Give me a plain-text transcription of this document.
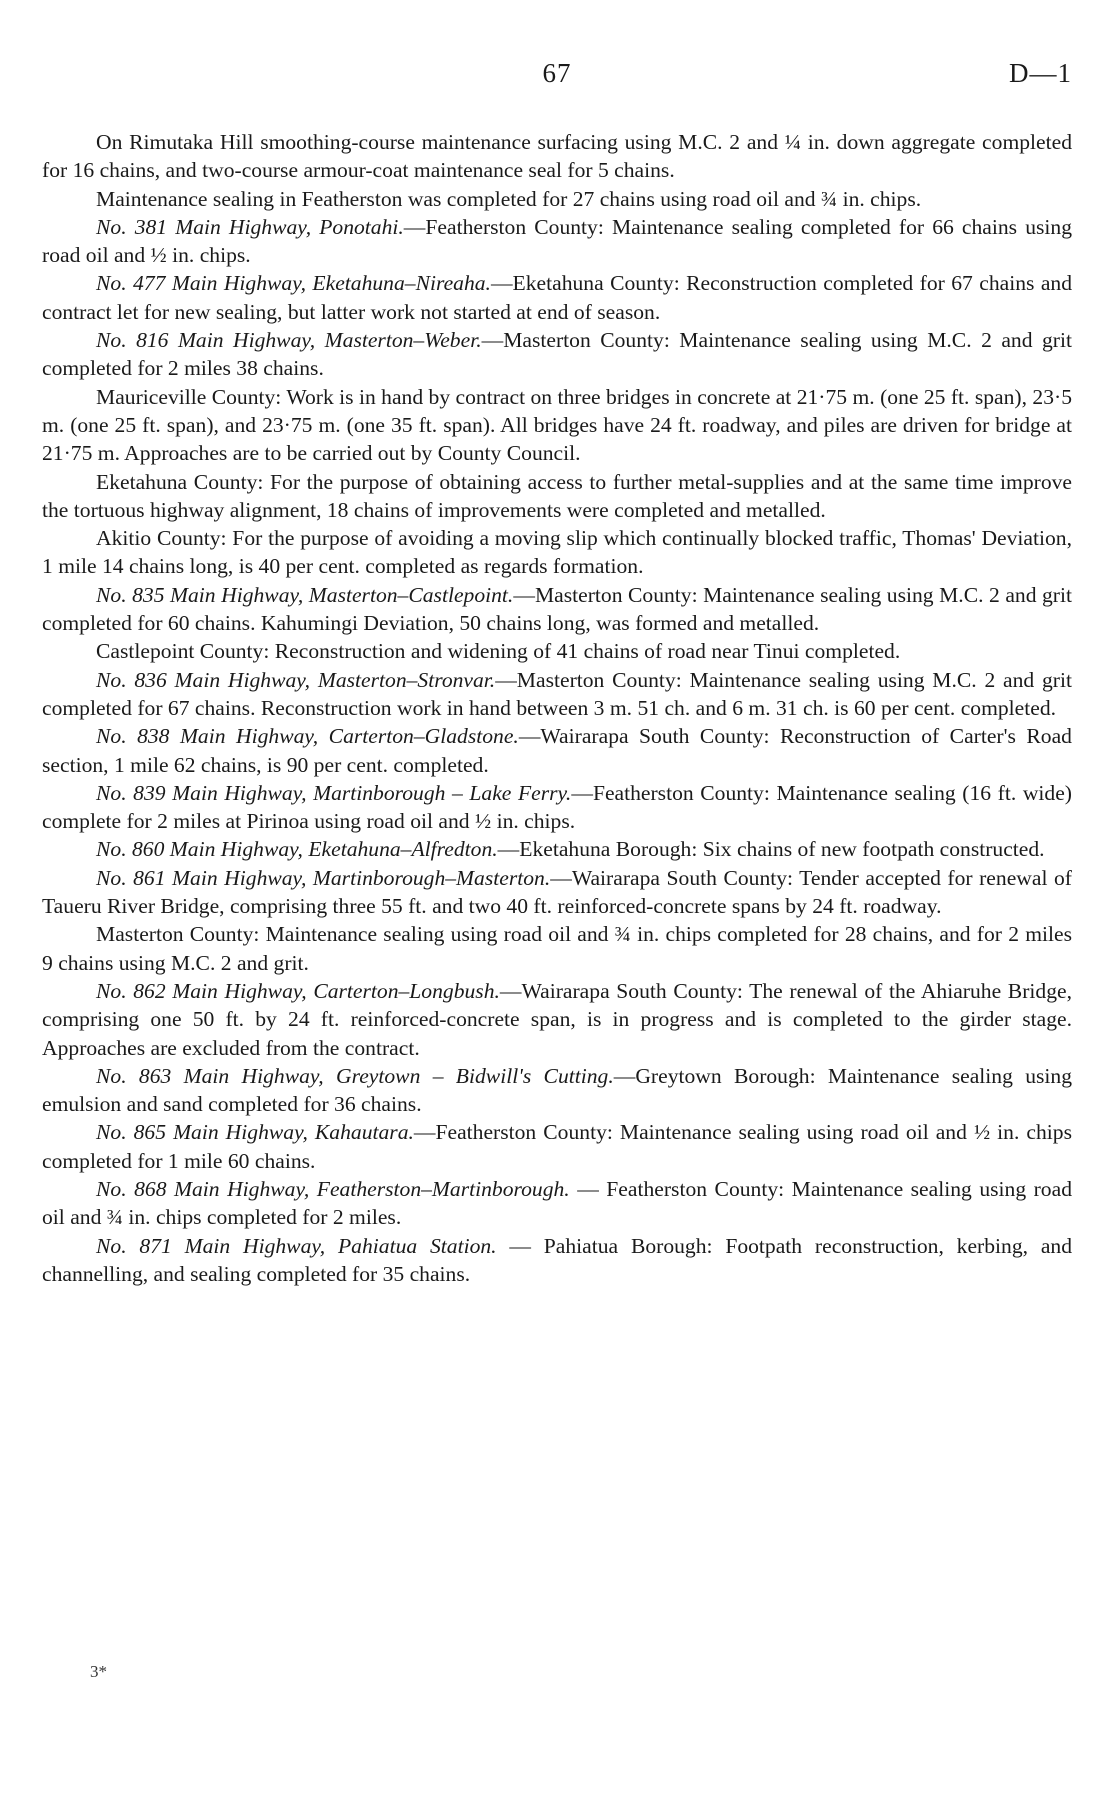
67	D—1

On Rimutaka Hill smoothing-course maintenance surfacing using M.C. 2 and ¼ in. down aggregate completed for 16 chains, and two-course armour-coat maintenance seal for 5 chains.

Maintenance sealing in Featherston was completed for 27 chains using road oil and ¾ in. chips.

No. 381 Main Highway, Ponotahi.—Featherston County: Maintenance sealing completed for 66 chains using road oil and ½ in. chips.

No. 477 Main Highway, Eketahuna–Nireaha.—Eketahuna County: Reconstruction completed for 67 chains and contract let for new sealing, but latter work not started at end of season.

No. 816 Main Highway, Masterton–Weber.—Masterton County: Maintenance sealing using M.C. 2 and grit completed for 2 miles 38 chains.

Mauriceville County: Work is in hand by contract on three bridges in concrete at 21·75 m. (one 25 ft. span), 23·5 m. (one 25 ft. span), and 23·75 m. (one 35 ft. span). All bridges have 24 ft. roadway, and piles are driven for bridge at 21·75 m. Approaches are to be carried out by County Council.

Eketahuna County: For the purpose of obtaining access to further metal-supplies and at the same time improve the tortuous highway alignment, 18 chains of improvements were completed and metalled.

Akitio County: For the purpose of avoiding a moving slip which continually blocked traffic, Thomas' Deviation, 1 mile 14 chains long, is 40 per cent. completed as regards formation.

No. 835 Main Highway, Masterton–Castlepoint.—Masterton County: Maintenance sealing using M.C. 2 and grit completed for 60 chains. Kahumingi Deviation, 50 chains long, was formed and metalled.

Castlepoint County: Reconstruction and widening of 41 chains of road near Tinui completed.

No. 836 Main Highway, Masterton–Stronvar.—Masterton County: Maintenance sealing using M.C. 2 and grit completed for 67 chains. Reconstruction work in hand between 3 m. 51 ch. and 6 m. 31 ch. is 60 per cent. completed.

No. 838 Main Highway, Carterton–Gladstone.—Wairarapa South County: Reconstruction of Carter's Road section, 1 mile 62 chains, is 90 per cent. completed.

No. 839 Main Highway, Martinborough – Lake Ferry.—Featherston County: Maintenance sealing (16 ft. wide) complete for 2 miles at Pirinoa using road oil and ½ in. chips.

No. 860 Main Highway, Eketahuna–Alfredton.—Eketahuna Borough: Six chains of new footpath constructed.

No. 861 Main Highway, Martinborough–Masterton.—Wairarapa South County: Tender accepted for renewal of Taueru River Bridge, comprising three 55 ft. and two 40 ft. reinforced-concrete spans by 24 ft. roadway.

Masterton County: Maintenance sealing using road oil and ¾ in. chips completed for 28 chains, and for 2 miles 9 chains using M.C. 2 and grit.

No. 862 Main Highway, Carterton–Longbush.—Wairarapa South County: The renewal of the Ahiaruhe Bridge, comprising one 50 ft. by 24 ft. reinforced-concrete span, is in progress and is completed to the girder stage. Approaches are excluded from the contract.

No. 863 Main Highway, Greytown – Bidwill's Cutting.—Greytown Borough: Maintenance sealing using emulsion and sand completed for 36 chains.

No. 865 Main Highway, Kahautara.—Featherston County: Maintenance sealing using road oil and ½ in. chips completed for 1 mile 60 chains.

No. 868 Main Highway, Featherston–Martinborough. — Featherston County: Maintenance sealing using road oil and ¾ in. chips completed for 2 miles.

No. 871 Main Highway, Pahiatua Station. — Pahiatua Borough: Footpath reconstruction, kerbing, and channelling, and sealing completed for 35 chains.

3*
